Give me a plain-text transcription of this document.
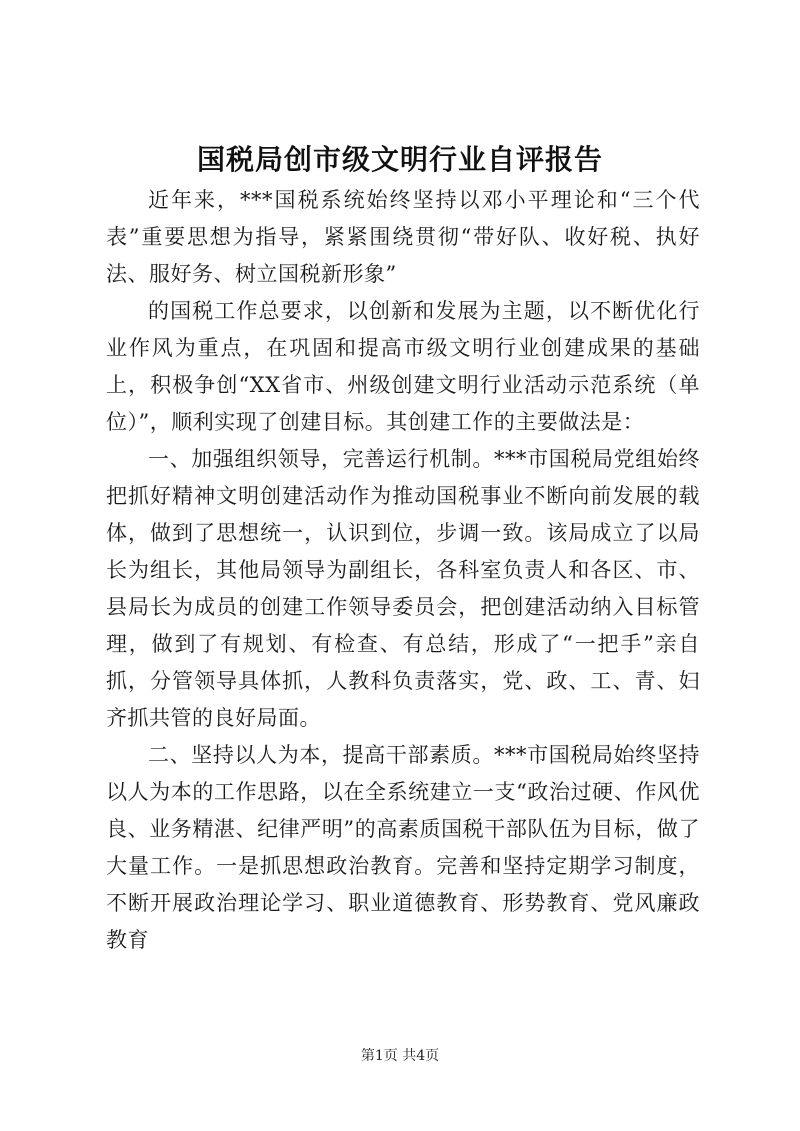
国税局创市级文明行业自评报告

近年来，***国税系统始终坚持以邓小平理论和“三个代表”重要思想为指导，紧紧围绕贯彻“带好队、收好税、执好法、服好务、树立国税新形象”

的国税工作总要求，以创新和发展为主题，以不断优化行业作风为重点，在巩固和提高市级文明行业创建成果的基础上，积极争创“XX省市、州级创建文明行业活动示范系统（单位）”，顺利实现了创建目标。其创建工作的主要做法是：

一、加强组织领导，完善运行机制。***市国税局党组始终把抓好精神文明创建活动作为推动国税事业不断向前发展的载体，做到了思想统一，认识到位，步调一致。该局成立了以局长为组长，其他局领导为副组长，各科室负责人和各区、市、县局长为成员的创建工作领导委员会，把创建活动纳入目标管理，做到了有规划、有检查、有总结，形成了“一把手”亲自抓，分管领导具体抓，人教科负责落实，党、政、工、青、妇齐抓共管的良好局面。

二、坚持以人为本，提高干部素质。***市国税局始终坚持以人为本的工作思路，以在全系统建立一支“政治过硬、作风优良、业务精湛、纪律严明”的高素质国税干部队伍为目标，做了大量工作。一是抓思想政治教育。完善和坚持定期学习制度，不断开展政治理论学习、职业道德教育、形势教育、党风廉政教育

第1页 共4页
